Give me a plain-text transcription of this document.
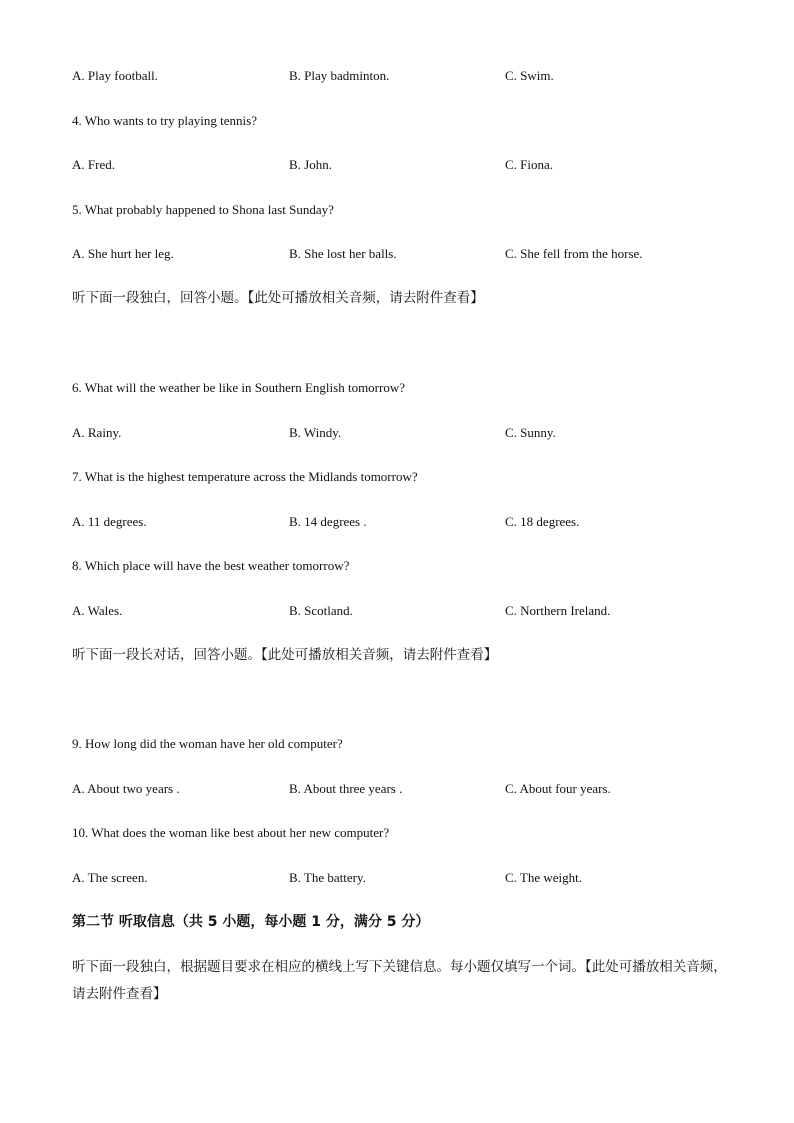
A. Play football.	B. Play badminton.	C. Swim.
4. Who wants to try playing tennis?
A. Fred.	B. John.	C. Fiona.
5. What probably happened to Shona last Sunday?
A. She hurt her leg.	B. She lost her balls.	C. She fell from the horse.
听下面一段独白，回答小题。【此处可播放相关音频，请去附件查看】
6. What will the weather be like in Southern English tomorrow?
A. Rainy.	B. Windy.	C. Sunny.
7. What is the highest temperature across the Midlands tomorrow?
A. 11 degrees.	B. 14 degrees .	C. 18 degrees.
8. Which place will have the best weather tomorrow?
A. Wales.	B. Scotland.	C. Northern Ireland.
听下面一段长对话，回答小题。【此处可播放相关音频，请去附件查看】
9. How long did the woman have her old computer?
A. About two years .	B. About three years .	C. About four years.
10. What does the woman like best about her new computer?
A. The screen.	B. The battery.	C. The weight.
第二节 听取信息（共 5 小题，每小题 1 分，满分 5 分）
听下面一段独白，根据题目要求在相应的横线上写下关键信息。每小题仅填写一个词。【此处可播放相关音频，请去附件查看】
